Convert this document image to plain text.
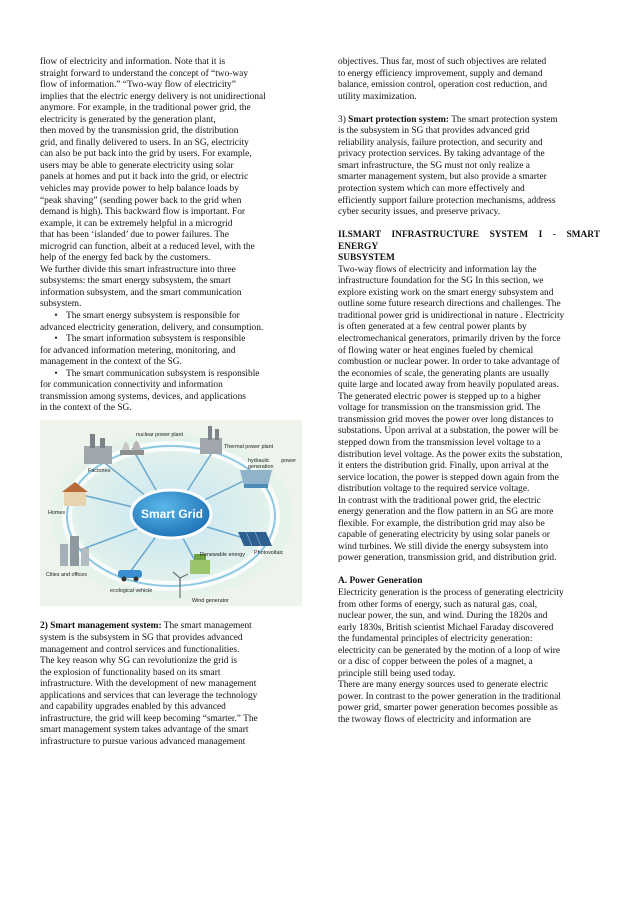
flow of electricity and information. Note that it is

straight forward to understand the concept of “two-way

flow of information.” “Two-way flow of electricity”

implies that the electric energy delivery is not unidirectional

anymore. For example, in the traditional power grid, the

electricity is generated by the generation plant,

then moved by the transmission grid, the distribution

grid, and finally delivered to users. In an SG, electricity

can also be put back into the grid by users. For example,

users may be able to generate electricity using solar

panels at homes and put it back into the grid, or electric

vehicles may provide power to help balance loads by

“peak shaving” (sending power back to the grid when

demand is high). This backward flow is important. For

example, it can be extremely helpful in a microgrid

that has been ‘islanded’ due to power failures. The

microgrid can function, albeit at a reduced level, with the

help of the energy fed back by the customers.

We further divide this smart infrastructure into three

subsystems: the smart energy subsystem, the smart

information subsystem, and the smart communication

subsystem.

• The smart energy subsystem is responsible for

advanced electricity generation, delivery, and consumption.

• The smart information subsystem is responsible

for advanced information metering, monitoring, and

management in the context of the SG.

• The smart communication subsystem is responsible

for communication connectivity and information

transmission among systems, devices, and applications

in the context of the SG.

Smart Grid
nuclear power plant
Thermal power plant
hydraulic power generation
Factories
Homes
Renewable energy Photovoltaic
Cities and offices
ecological vehicle
Wind generator

2) Smart management system: The smart management

system is the subsystem in SG that provides advanced

management and control services and functionalities.

The key reason why SG can revolutionize the grid is

the explosion of functionality based on its smart

infrastructure. With the development of new management

applications and services that can leverage the technology

and capability upgrades enabled by this advanced

infrastructure, the grid will keep becoming “smarter.” The

smart management system takes advantage of the smart

infrastructure to pursue various advanced management

objectives. Thus far, most of such objectives are related

to energy efficiency improvement, supply and demand

balance, emission control, operation cost reduction, and

utility maximization.

3) Smart protection system: The smart protection system

is the subsystem in SG that provides advanced grid

reliability analysis, failure protection, and security and

privacy protection services. By taking advantage of the

smart infrastructure, the SG must not only realize a

smarter management system, but also provide a smarter

protection system which can more effectively and

efficiently support failure protection mechanisms, address

cyber security issues, and preserve privacy.

II.SMART INFRASTRUCTURE SYSTEM I - SMART ENERGY

SUBSYSTEM

Two-way flows of electricity and information lay the

infrastructure foundation for the SG In this section, we

explore existing work on the smart energy subsystem and

outline some future research directions and challenges. The

traditional power grid is unidirectional in nature . Electricity

is often generated at a few central power plants by

electromechanical generators, primarily driven by the force

of flowing water or heat engines fueled by chemical

combustion or nuclear power. In order to take advantage of

the economies of scale, the generating plants are usually

quite large and located away from heavily populated areas.

The generated electric power is stepped up to a higher

voltage for transmission on the transmission grid. The

transmission grid moves the power over long distances to

substations. Upon arrival at a substation, the power will be

stepped down from the transmission level voltage to a

distribution level voltage. As the power exits the substation,

it enters the distribution grid. Finally, upon arrival at the

service location, the power is stepped down again from the

distribution voltage to the required service voltage.

In contrast with the traditional power grid, the electric

energy generation and the flow pattern in an SG are more

flexible. For example, the distribution grid may also be

capable of generating electricity by using solar panels or

wind turbines. We still divide the energy subsystem into

power generation, transmission grid, and distribution grid.

A. Power Generation

Electricity generation is the process of generating electricity

from other forms of energy, such as natural gas, coal,

nuclear power, the sun, and wind. During the 1820s and

early 1830s, British scientist Michael Faraday discovered

the fundamental principles of electricity generation:

electricity can be generated by the motion of a loop of wire

or a disc of copper between the poles of a magnet, a

principle still being used today.

There are many energy sources used to generate electric

power. In contrast to the power generation in the traditional

power grid, smarter power generation becomes possible as

the twoway flows of electricity and information are
